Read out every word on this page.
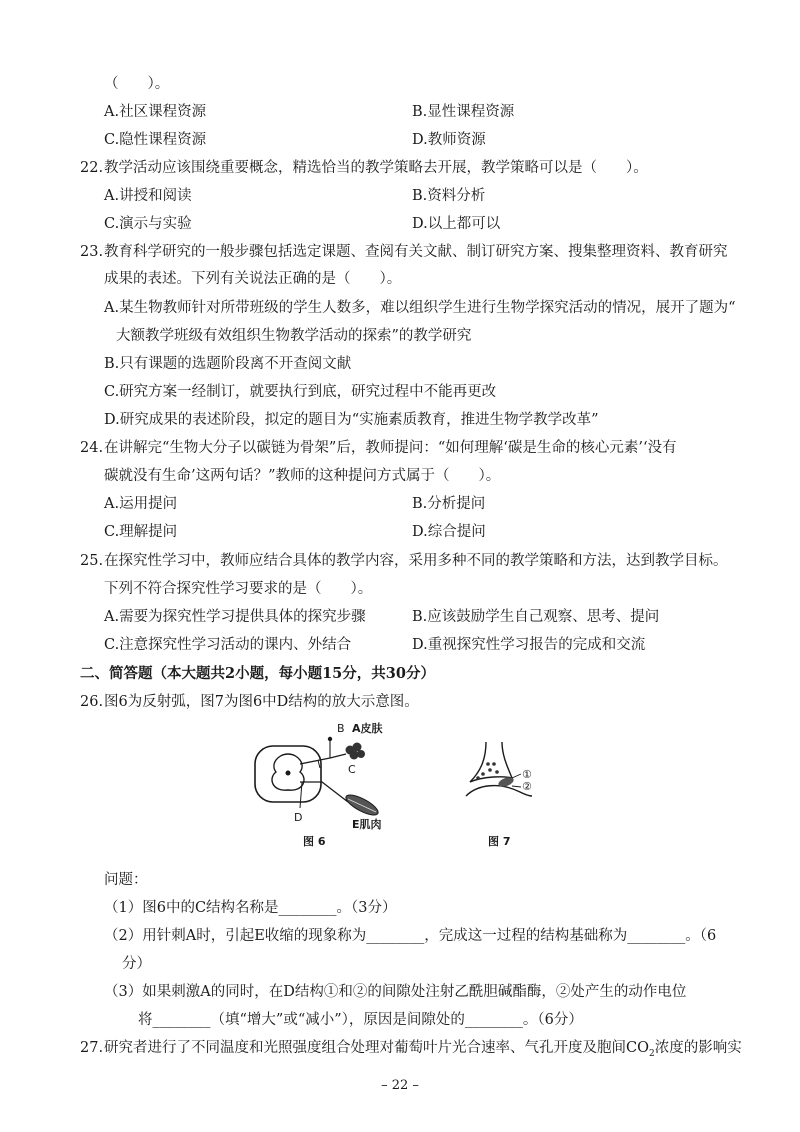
（　　）。
A.社区课程资源	B.显性课程资源
C.隐性课程资源	D.教师资源
22. 教学活动应该围绕重要概念，精选恰当的教学策略去开展，教学策略可以是（　　）。
A.讲授和阅读	B.资料分析
C.演示与实验	D.以上都可以
23. 教育科学研究的一般步骤包括选定课题、查阅有关文献、制订研究方案、搜集整理资料、教育研究
成果的表述。下列有关说法正确的是（　　）。
A.某生物教师针对所带班级的学生人数多，难以组织学生进行生物学探究活动的情况，展开了题为“
大额教学班级有效组织生物教学活动的探索”的教学研究
B.只有课题的选题阶段离不开查阅文献
C.研究方案一经制订，就要执行到底，研究过程中不能再更改
D.研究成果的表述阶段，拟定的题目为“实施素质教育，推进生物学教学改革”
24. 在讲解完“生物大分子以碳链为骨架”后，教师提问：“如何理解‘碳是生命的核心元素’‘没有
碳就没有生命’这两句话？”教师的这种提问方式属于（　　）。
A.运用提问	B.分析提问
C.理解提问	D.综合提问
25. 在探究性学习中，教师应结合具体的教学内容，采用多种不同的教学策略和方法，达到教学目标。
下列不符合探究性学习要求的是（　　）。
A.需要为探究性学习提供具体的探究步骤	B.应该鼓励学生自己观察、思考、提问
C.注意探究性学习活动的课内、外结合	D.重视探究性学习报告的完成和交流
二、简答题（本大题共2小题，每小题15分，共30分）
26. 图6为反射弧，图7为图6中D结构的放大示意图。
B A皮肤
C
D
E肌肉
图 6
①
②
图 7
问题：
（1）图6中的C结构名称是________。（3分）
（2）用针刺A时，引起E收缩的现象称为________，完成这一过程的结构基础称为________。（6
分）
（3）如果刺激A的同时，在D结构①和②的间隙处注射乙酰胆碱酯酶，②处产生的动作电位
将________（填“增大”或“减小”），原因是间隙处的________。（6分）
27. 研究者进行了不同温度和光照强度组合处理对葡萄叶片光合速率、气孔开度及胞间$CO_2$浓度的影响实
– 22 –
